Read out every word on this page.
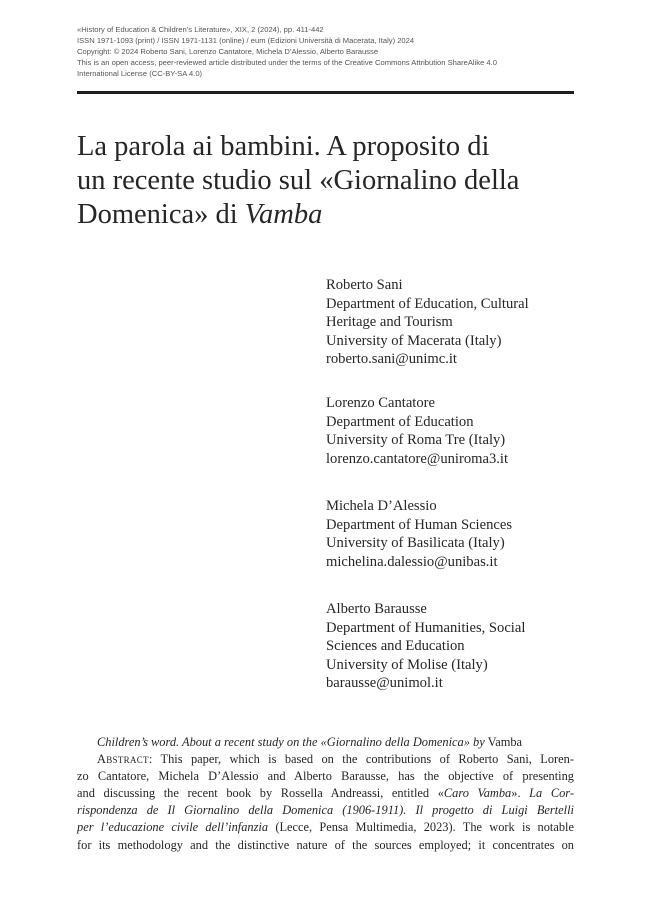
«History of Education & Children’s Literature», XIX, 2 (2024), pp. 411-442
ISSN 1971-1093 (print) / ISSN 1971-1131 (online) / eum (Edizioni Università di Macerata, Italy) 2024
Copyright: © 2024 Roberto Sani, Lorenzo Cantatore, Michela D’Alessio, Alberto Barausse
This is an open access, peer-reviewed article distributed under the terms of the Creative Commons Attribution ShareAlike 4.0
International License (CC-BY-SA 4.0)
La parola ai bambini. A proposito di
un recente studio sul «Giornalino della
Domenica» di Vamba
Roberto Sani
Department of Education, Cultural
Heritage and Tourism
University of Macerata (Italy)
roberto.sani@unimc.it
Lorenzo Cantatore
Department of Education
University of Roma Tre (Italy)
lorenzo.cantatore@uniroma3.it
Michela D’Alessio
Department of Human Sciences
University of Basilicata (Italy)
michelina.dalessio@unibas.it
Alberto Barausse
Department of Humanities, Social
Sciences and Education
University of Molise (Italy)
barausse@unimol.it
Children’s word. About a recent study on the «Giornalino della Domenica» by Vamba
Abstract: This paper, which is based on the contributions of Roberto Sani, Loren-
zo Cantatore, Michela D’Alessio and Alberto Barausse, has the objective of presenting
and discussing the recent book by Rossella Andreassi, entitled «Caro Vamba». La Cor-
rispondenza de Il Giornalino della Domenica (1906-1911). Il progetto di Luigi Bertelli
per l’educazione civile dell’infanzia (Lecce, Pensa Multimedia, 2023). The work is notable
for its methodology and the distinctive nature of the sources employed; it concentrates on
